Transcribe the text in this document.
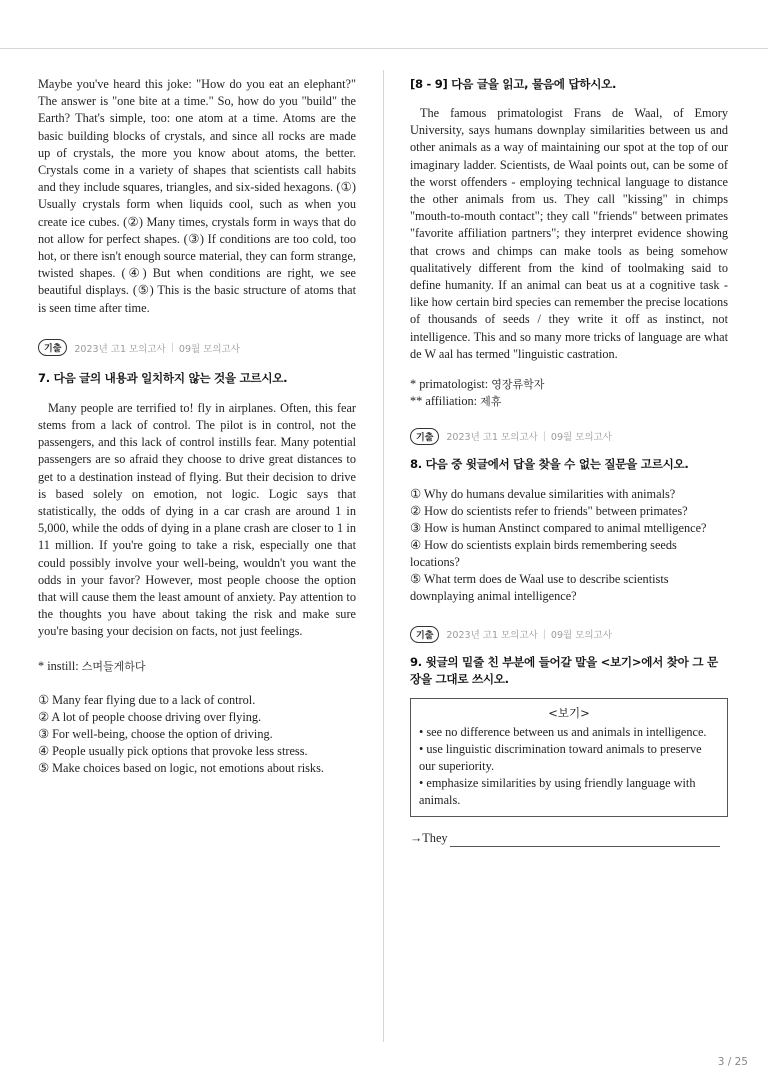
Maybe you've heard this joke: "How do you eat an elephant?" The answer is "one bite at a time." So, how do you "build" the Earth? That's simple, too: one atom at a time. Atoms are the basic building blocks of crystals, and since all rocks are made up of crystals, the more you know about atoms, the better. Crystals come in a variety of shapes that scientists call habits and they include squares, triangles, and six-sided hexagons. (①) Usually crystals form when liquids cool, such as when you create ice cubes. (②) Many times, crystals form in ways that do not allow for perfect shapes. (③) If conditions are too cold, too hot, or there isn't enough source material, they can form strange, twisted shapes. (④) But when conditions are right, we see beautiful displays. (⑤) This is the basic structure of atoms that is seen time after time.

기출	2023년 고1 모의고사 | 09월 모의고사

7. 다음 글의 내용과 일치하지 않는 것을 고르시오.

Many people are terrified to! fly in airplanes. Often, this fear stems from a lack of control. The pilot is in control, not the passengers, and this lack of control instills fear. Many potential passengers are so afraid they choose to drive great distances to get to a destination instead of flying. But their decision to drive is based solely on emotion, not logic. Logic says that statistically, the odds of dying in a car crash are around 1 in 5,000, while the odds of dying in a plane crash are closer to 1 in 11 million. If you're going to take a risk, especially one that could possibly involve your well-being, wouldn't you want the odds in your favor? However, most people choose the option that will cause them the least amount of anxiety. Pay attention to the thoughts you have about taking the risk and make sure you're basing your decision on facts, not just feelings.

* instill: 스며들게하다

① Many fear flying due to a lack of control.

② A lot of people choose driving over flying.

③ For well-being, choose the option of driving.

④ People usually pick options that provoke less stress.

⑤ Make choices based on logic, not emotions about risks.

[8 - 9] 다음 글을 읽고, 물음에 답하시오.

The famous primatologist Frans de Waal, of Emory University, says humans downplay similarities between us and other animals as a way of maintaining our spot at the top of our imaginary ladder. Scientists, de Waal points out, can be some of the worst offenders - employing technical language to distance the other animals from us. They call "kissing" in chimps "mouth-to-mouth contact"; they call "friends" between primates "favorite affiliation partners"; they interpret evidence showing that crows and chimps can make tools as being somehow qualitatively different from the kind of toolmaking said to define humanity. If an animal can beat us at a cognitive task - like how certain bird species can remember the precise locations of thousands of seeds / they write it off as instinct, not intelligence. This and so many more tricks of language are what de W aal has termed "linguistic castration.

* primatologist: 영장류학자

** affiliation: 제휴

기출	2023년 고1 모의고사 | 09월 모의고사

8. 다음 중 윗글에서 답을 찾을 수 없는 질문을 고르시오.

① Why do humans devalue similarities with animals?

② How do scientists refer to friends" between primates?

③ How is human Anstinct compared to animal mtelligence?

④ How do scientists explain birds remembering seeds locations?

⑤ What term does de Waal use to describe scientists downplaying animal intelligence?

기출	2023년 고1 모의고사 | 09월 모의고사

9. 윗글의 밑줄 친 부분에 들어갈 말을 <보기>에서 찾아 그 문장을 그대로 쓰시오.

<보기>

• see no difference between us and animals in intelligence.

• use linguistic discrimination toward animals to preserve our superiority.

• emphasize similarities by using friendly language with animals.

→They
3 / 25
